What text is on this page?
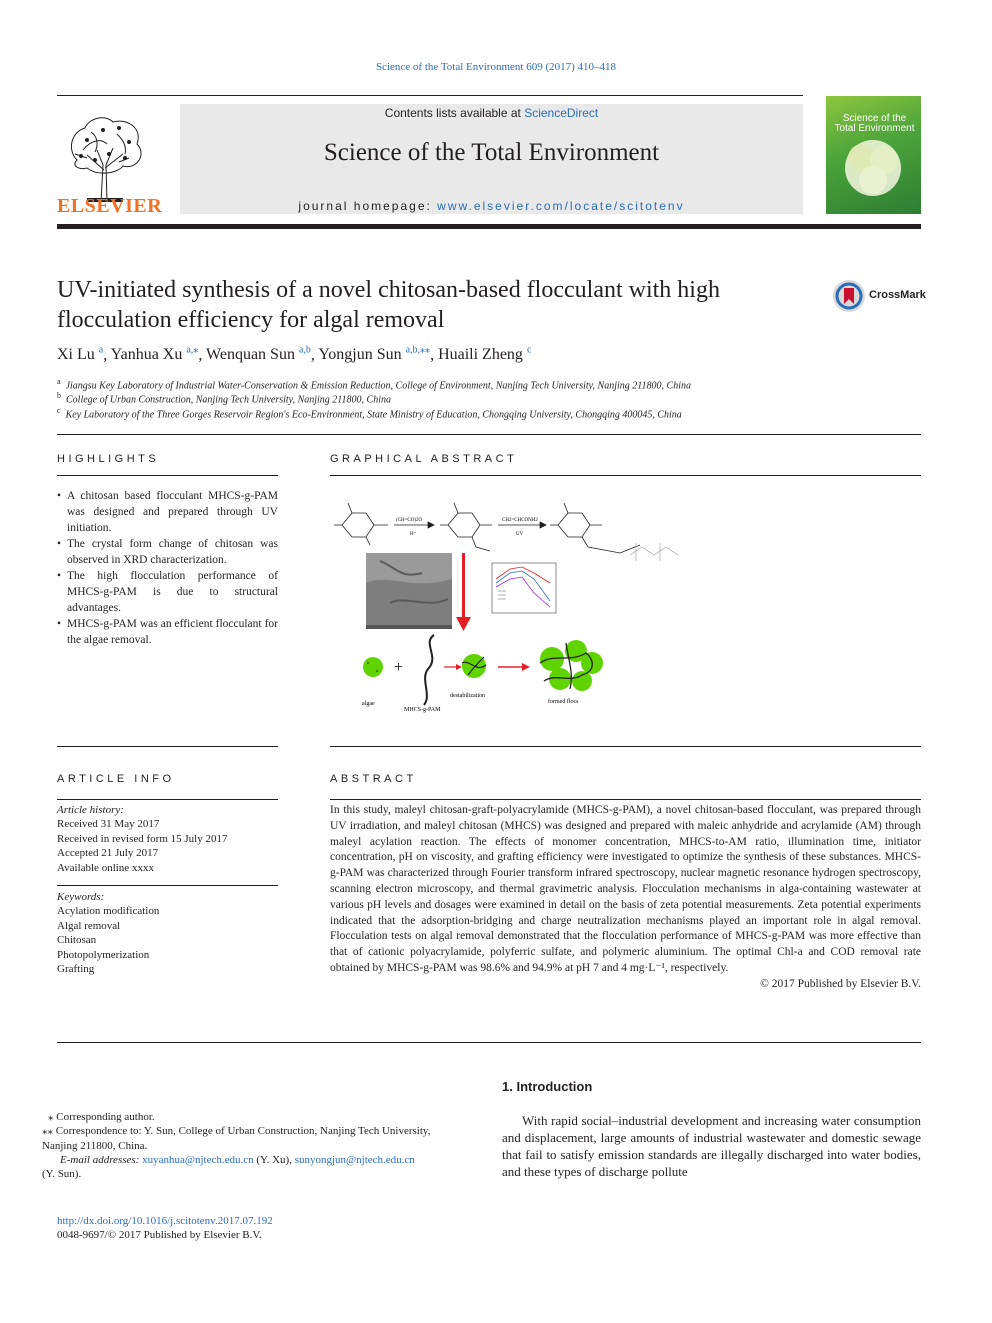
Science of the Total Environment 609 (2017) 410–418
ELSEVIER
Contents lists available at ScienceDirect
Science of the Total Environment
journal homepage: www.elsevier.com/locate/scitotenv
Science of the Total Environment
UV-initiated synthesis of a novel chitosan-based flocculant with high flocculation efficiency for algal removal
CrossMark
Xi Lu $^a$, Yanhua Xu $^{a,⁎}$, Wenquan Sun $^{a,b}$, Yongjun Sun $^{a,b,⁎⁎}$, Huaili Zheng $^c$
$^a$ Jiangsu Key Laboratory of Industrial Water-Conservation & Emission Reduction, College of Environment, Nanjing Tech University, Nanjing 211800, China
$^b$ College of Urban Construction, Nanjing Tech University, Nanjing 211800, China
$^c$ Key Laboratory of the Three Gorges Reservoir Region's Eco-Environment, State Ministry of Education, Chongqing University, Chongqing 400045, China
HIGHLIGHTS
• A chitosan based flocculant MHCS-g-PAM was designed and prepared through UV initiation.
• The crystal form change of chitosan was observed in XRD characterization.
• The high flocculation performance of MHCS-g-PAM is due to structural advantages.
• MHCS-g-PAM was an efficient flocculant for the algae removal.
GRAPHICAL ABSTRACT
(CH=CO)2O
H⁺
CH2=CHCONH2
UV
+
algae
MHCS-g-PAM
destabilization
formed flocs
ARTICLE INFO
Article history:
Received 31 May 2017
Received in revised form 15 July 2017
Accepted 21 July 2017
Available online xxxx
Keywords:
Acylation modification
Algal removal
Chitosan
Photopolymerization
Grafting
ABSTRACT
In this study, maleyl chitosan-graft-polyacrylamide (MHCS-g-PAM), a novel chitosan-based flocculant, was prepared through UV irradiation, and maleyl chitosan (MHCS) was designed and prepared with maleic anhydride and acrylamide (AM) through maleyl acylation reaction. The effects of monomer concentration, MHCS-to-AM ratio, illumination time, initiator concentration, pH on viscosity, and grafting efficiency were investigated to optimize the synthesis of these substances. MHCS-g-PAM was characterized through Fourier transform infrared spectroscopy, nuclear magnetic resonance hydrogen spectroscopy, scanning electron microscopy, and thermal gravimetric analysis. Flocculation mechanisms in alga-containing wastewater at various pH levels and dosages were examined in detail on the basis of zeta potential measurements. Zeta potential experiments indicated that the adsorption-bridging and charge neutralization mechanisms played an important role in algal removal. Flocculation tests on algal removal demonstrated that the flocculation performance of MHCS-g-PAM was more effective than that of cationic polyacrylamide, polyferric sulfate, and polymeric aluminium. The optimal Chl-a and COD removal rate obtained by MHCS-g-PAM was 98.6% and 94.9% at pH 7 and 4 mg·L⁻¹, respectively.
© 2017 Published by Elsevier B.V.
⁎ Corresponding author.
⁎⁎ Correspondence to: Y. Sun, College of Urban Construction, Nanjing Tech University, Nanjing 211800, China.
E-mail addresses: xuyanhua@njtech.edu.cn (Y. Xu), sunyongjun@njtech.edu.cn
(Y. Sun).
http://dx.doi.org/10.1016/j.scitotenv.2017.07.192
0048-9697/© 2017 Published by Elsevier B.V.
1. Introduction
With rapid social–industrial development and increasing water consumption and displacement, large amounts of industrial wastewater and domestic sewage that fail to satisfy emission standards are illegally discharged into water bodies, and these types of discharge pollute
